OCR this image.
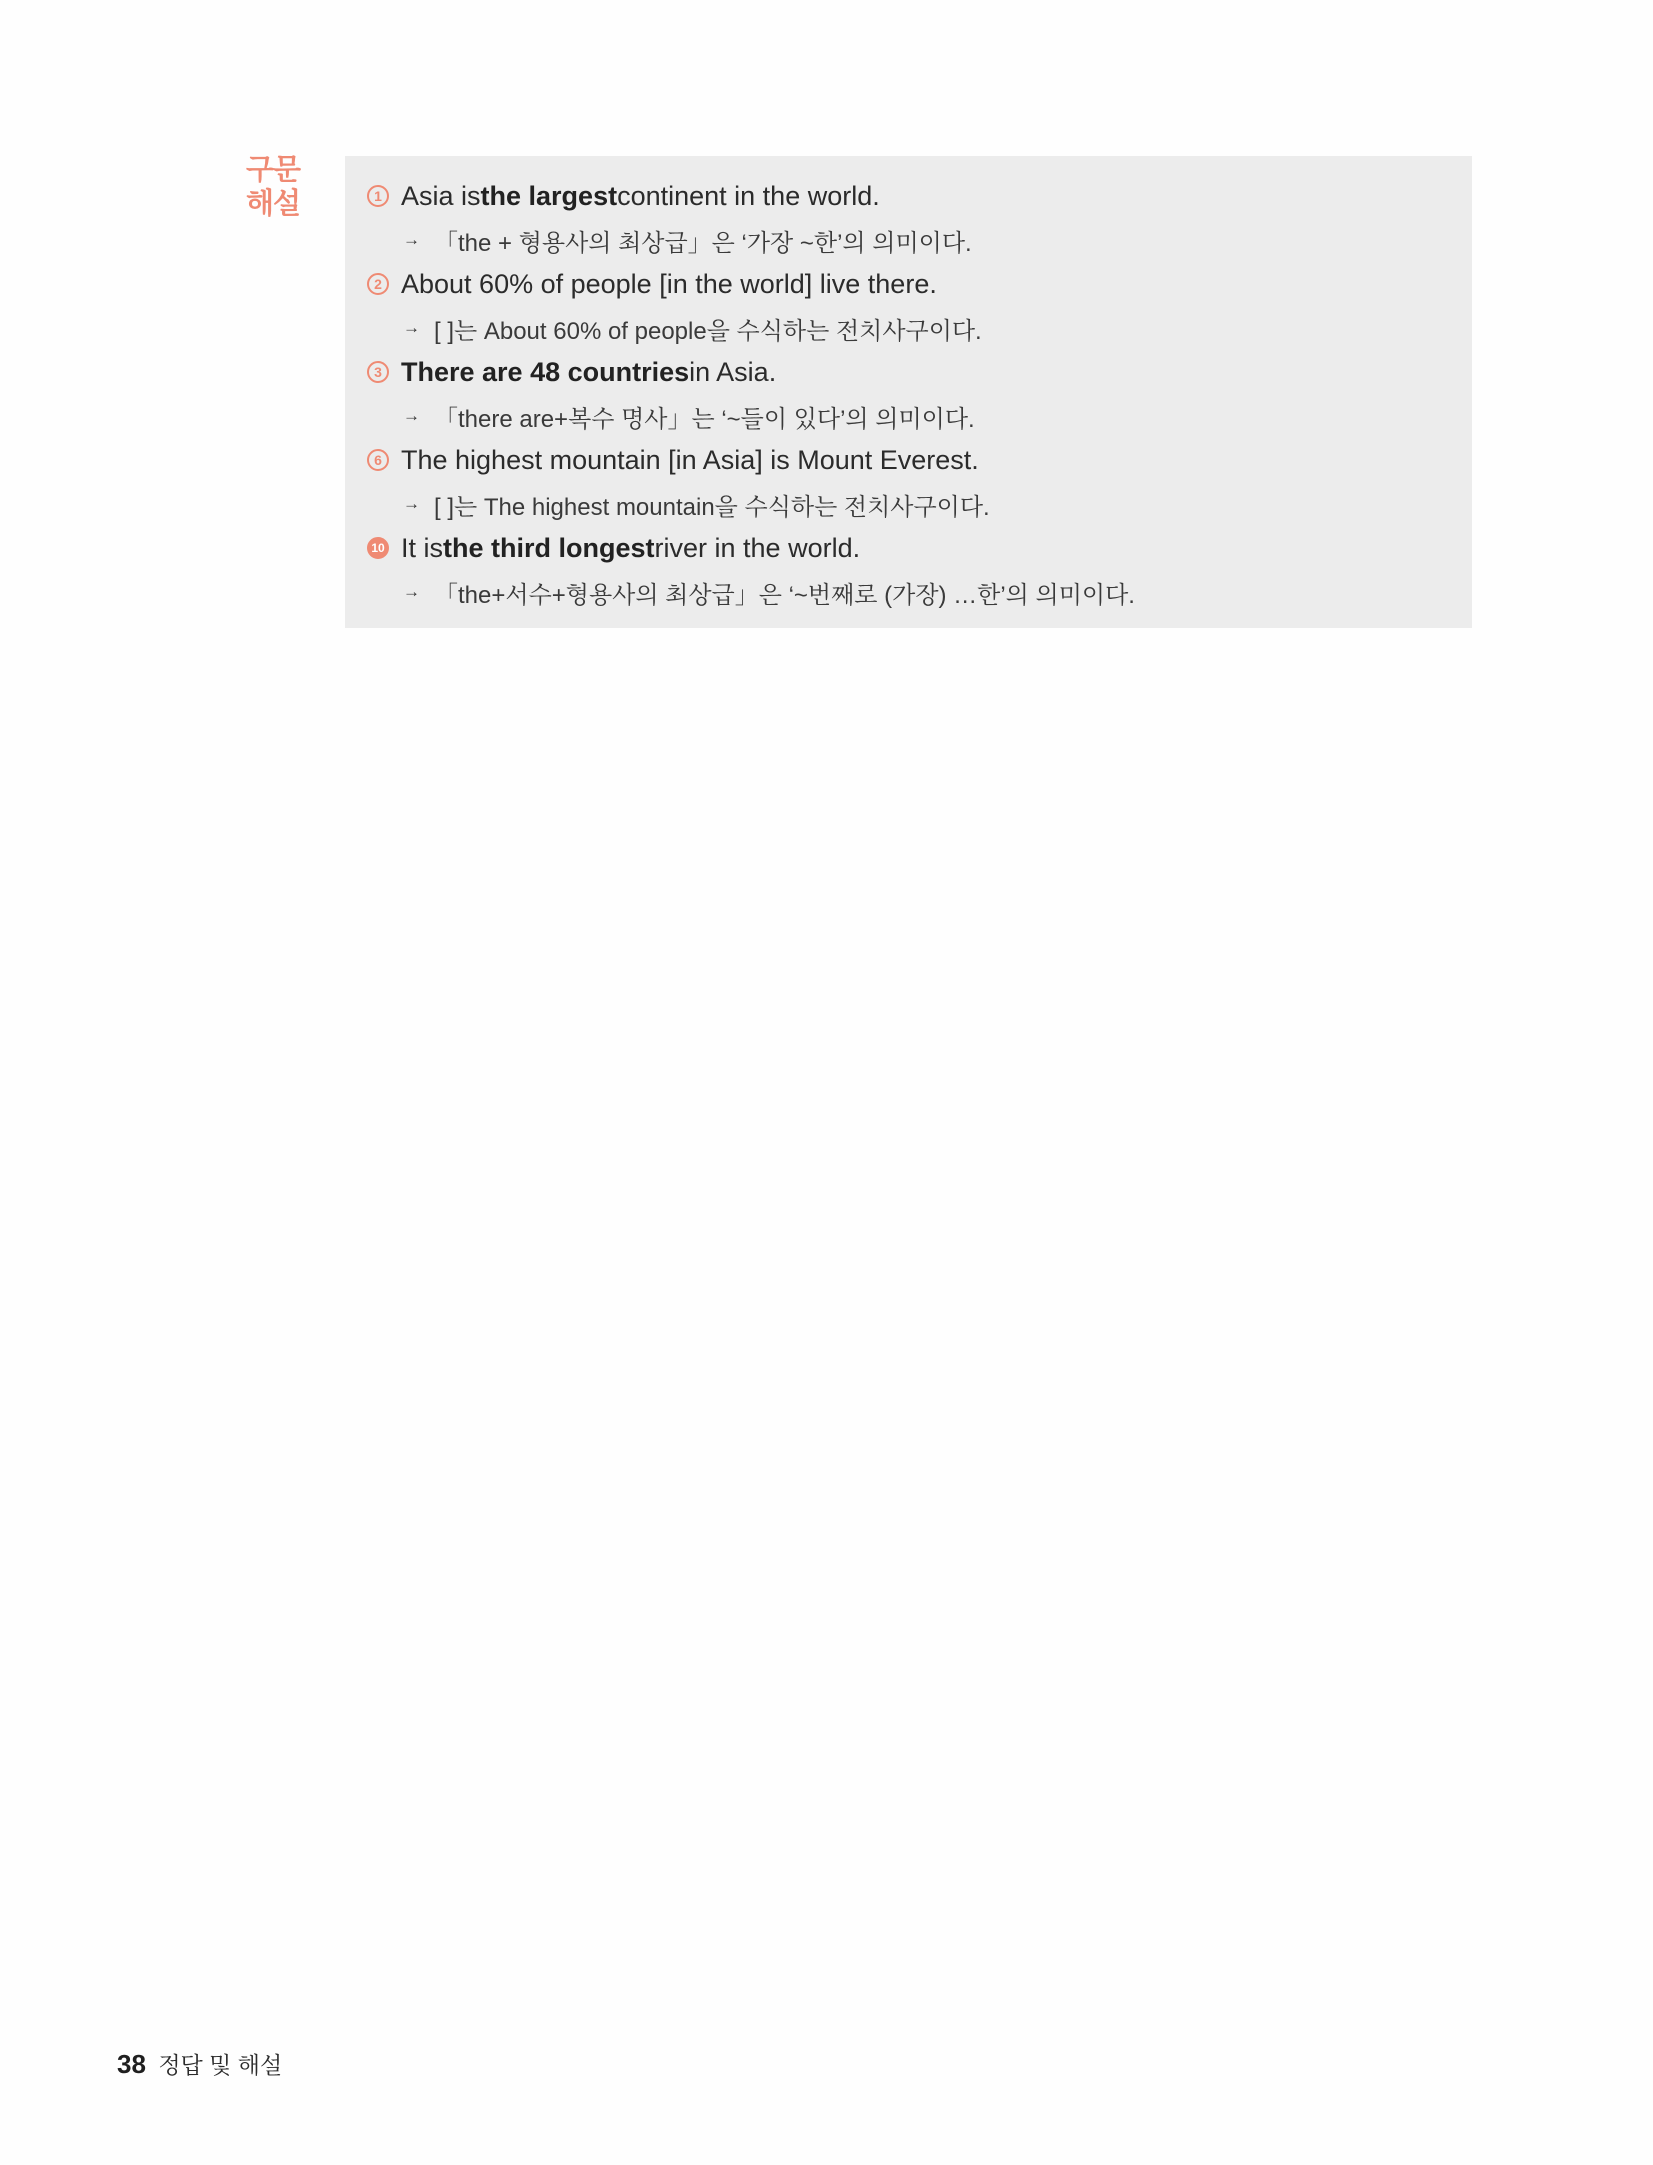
구문
해설	1 Asia is the largest continent in the world.
→ 「the + 형용사의 최상급」은 ‘가장 ~한’의 의미이다.
2 About 60% of people [in the world] live there.
→ [ ]는 About 60% of people을 수식하는 전치사구이다.
3 There are 48 countries in Asia.
→ 「there are+복수 명사」는 ‘~들이 있다’의 의미이다.
6 The highest mountain [in Asia] is Mount Everest.
→ [ ]는 The highest mountain을 수식하는 전치사구이다.
10 It is the third longest river in the world.
→ 「the+서수+형용사의 최상급」은 ‘~번째로 (가장) …한’의 의미이다.
38 정답 및 해설
